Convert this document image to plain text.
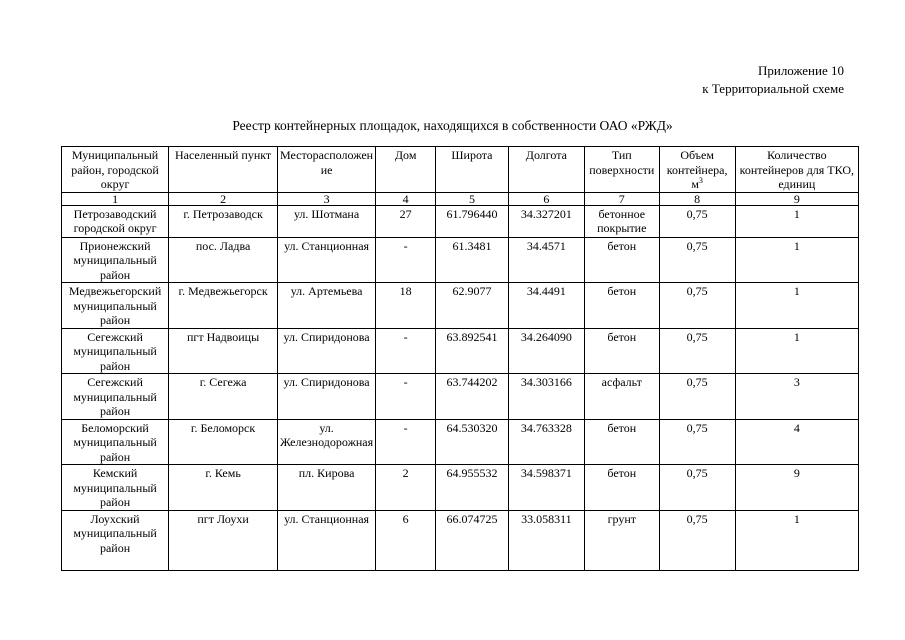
Приложение 10
к Территориальной схеме
Реестр контейнерных площадок, находящихся в собственности ОАО «РЖД»
Муниципальный район, городской округ	Населенный пункт	Месторасположение	Дом	Широта	Долгота	Тип поверхности	Объем контейнера, $м^3$	Количество контейнеров для ТКО, единиц
1	2	3	4	5	6	7	8	9
Петрозаводский городской округ	г. Петрозаводск	ул. Шотмана	27	61.796440	34.327201	бетонное покрытие	0,75	1
Прионежский муниципальный район	пос. Ладва	ул. Станционная	-	61.3481	34.4571	бетон	0,75	1
Медвежьегорский муниципальный район	г. Медвежьегорск	ул. Артемьева	18	62.9077	34.4491	бетон	0,75	1
Сегежский муниципальный район	пгт Надвоицы	ул. Спиридонова	-	63.892541	34.264090	бетон	0,75	1
Сегежский муниципальный район	г. Сегежа	ул. Спиридонова	-	63.744202	34.303166	асфальт	0,75	3
Беломорский муниципальный район	г. Беломорск	ул. Железнодорожная	-	64.530320	34.763328	бетон	0,75	4
Кемский муниципальный район	г. Кемь	пл. Кирова	2	64.955532	34.598371	бетон	0,75	9
Лоухский муниципальный район	пгт Лоухи	ул. Станционная	6	66.074725	33.058311	грунт	0,75	1
